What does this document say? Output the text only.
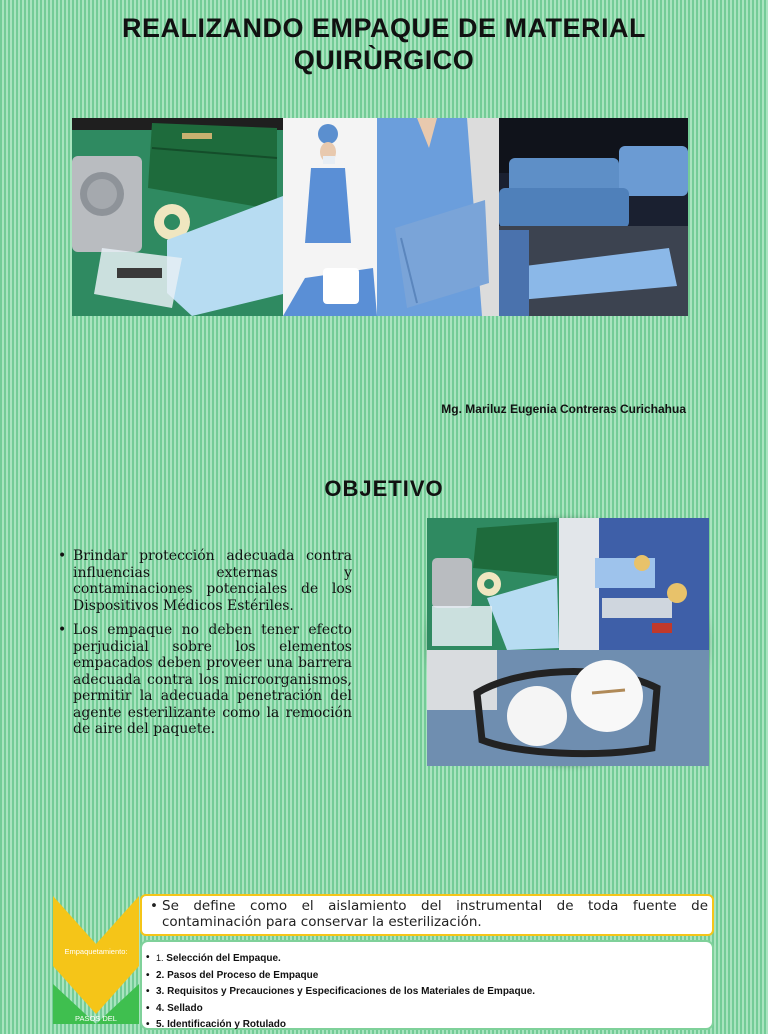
REALIZANDO EMPAQUE DE MATERIAL
QUIRÙRGICO
Mg. Mariluz Eugenia Contreras Curichahua
OBJETIVO
• Brindar protección adecuada contra influencias externas y contaminaciones potenciales de los Dispositivos Médicos Estériles.
• Los empaque no deben tener efecto perjudicial sobre los elementos empacados deben proveer una barrera adecuada contra los microorganismos, permitir la adecuada penetración del agente esterilizante como la remoción de aire del paquete.
Empaquetamiento:
PASOS DEL
• Se define como el aislamiento del instrumental de toda fuente de contaminación para conservar la esterilización.
• 1. Selección del Empaque.
• 2. Pasos del Proceso de Empaque
• 3. Requisitos y Precauciones y Especificaciones de los Materiales de Empaque.
• 4. Sellado
• 5. Identificación y Rotulado
